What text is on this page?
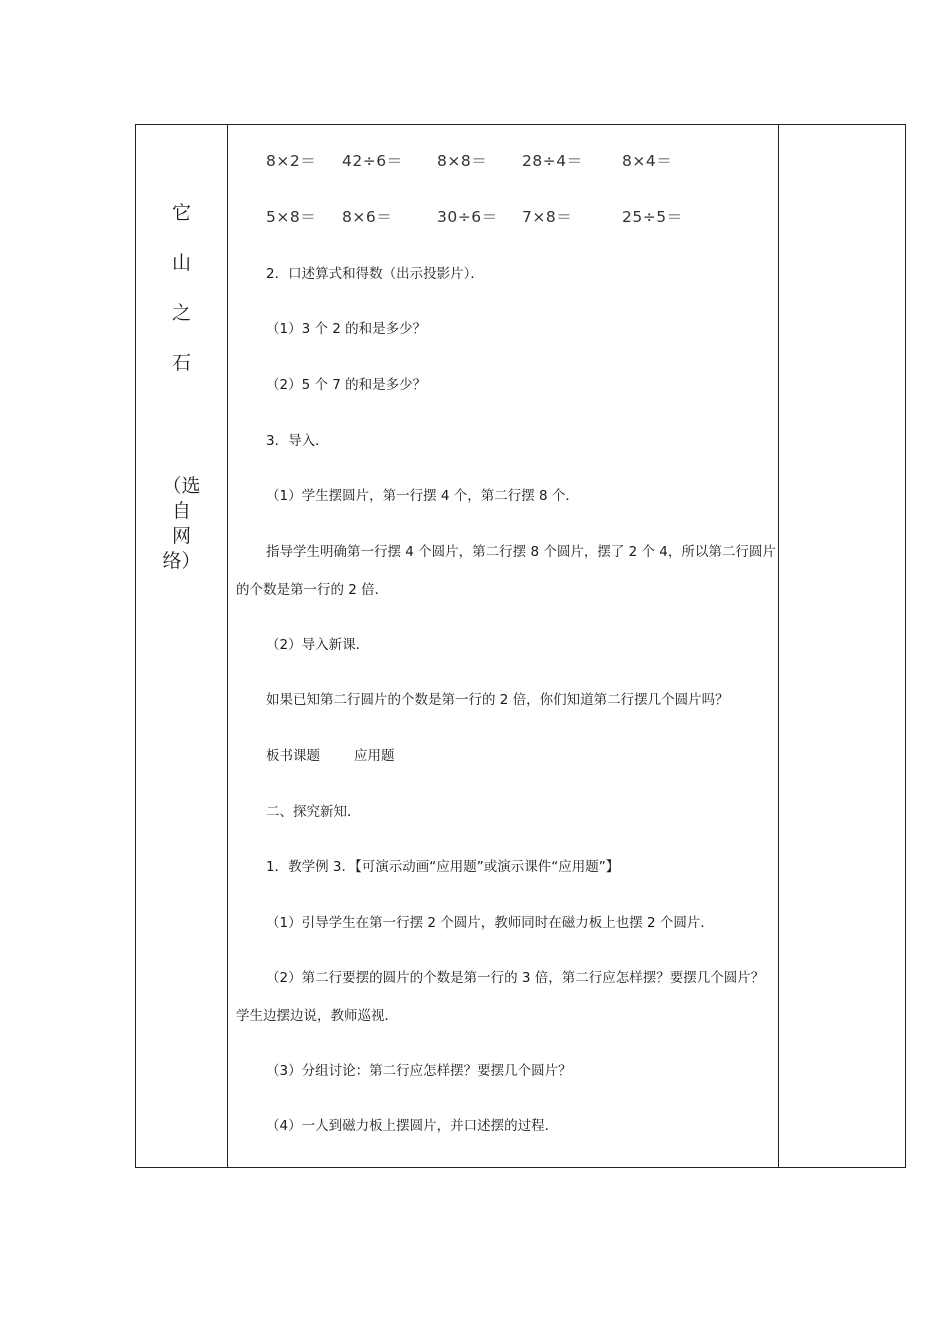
它
山
之
石
（选
自
网
络）
8×2＝ 42÷6＝ 8×8＝ 28÷4＝	8×4＝
5×8＝ 8×6＝	30÷6＝ 7×8＝	25÷5＝
2．口述算式和得数（出示投影片）．
（1）3 个 2 的和是多少？
（2）5 个 7 的和是多少？
3．导入．
（1）学生摆圆片，第一行摆 4 个，第二行摆 8 个．
指导学生明确第一行摆 4 个圆片，第二行摆 8 个圆片，摆了 2 个 4，所以第二行圆片的个数是第一行的 2 倍．
（2）导入新课．
如果已知第二行圆片的个数是第一行的 2 倍，你们知道第二行摆几个圆片吗？
板书课题	应用题
二、探究新知．
1．教学例 3．【可演示动画“应用题”或演示课件“应用题”】
（1）引导学生在第一行摆 2 个圆片，教师同时在磁力板上也摆 2 个圆片．
（2）第二行要摆的圆片的个数是第一行的 3 倍，第二行应怎样摆？要摆几个圆片？学生边摆边说，教师巡视．
（3）分组讨论：第二行应怎样摆？要摆几个圆片？
（4）一人到磁力板上摆圆片，并口述摆的过程．
